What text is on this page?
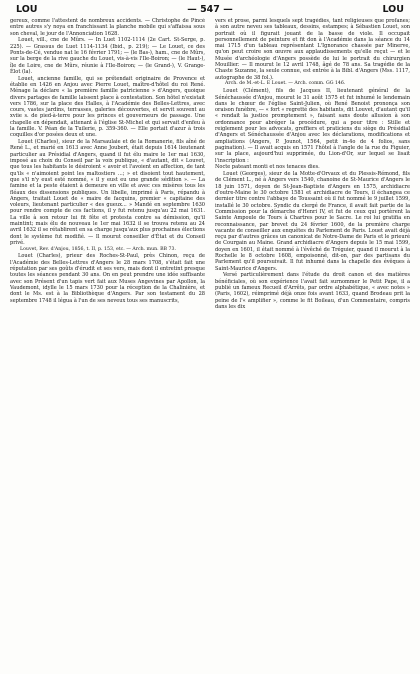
LOU	— 547 —	LOU

gereux, comme l'attestent de nombreux accidents. — Christophe de Pincé entre autres s'y noya en franchissant la planche mobile qui s'affaissa sous son cheval, le jour de l'Annonciation 1628.

Louet, vill., cne de Mûrs. — In Luet 1102-1114 (2e Cart. St-Serge, p. 225). — Grassus de Luet 1114-1134 (Ibid., p. 219); — Le Louet, ce des Ponts-de-Cé, vendue nat le 16 février 1791; — (le Bas-), ham., cne de Mûrs, sur la berge de la rive gauche du Louet, vis-à-vis l'Ile-Boiron; — (le Haut-), île de Loire, cne de Mûrs, réunie à l'Ile-Boiron; — (le Grand-), V. Grange-Élot (la).

Louet, ancienne famille, qui se prétendait originaire de Provence et établie en 1426 en Anjou avec Pierre Louet, maître-d'hôtel du roi René. Ménage la déclare « la première famille patricienne » d'Angers, quoique divers partages de famille laissent place à contestation. Son hôtel n'existait vers 1786, sur la place des Halles, à l'Académie des Belles-Lettres, avec cours, vastes jardins, terrasses, galeries découvertes, et servit souvent au xviie s. de pied-à-terre pour les princes et gouverneurs de passage. Une chapelle en dépendait, attenant à l'église St-Michel et qui servait d'enfeu à la famille. V. Péan de la Tuilerie, p. 359-360. — Elle portait d'azur à trois coquilles d'or posées deux et une.

Louet (Charles), sieur de la Marsaulaie et de la Romanerie, fils aîné de René L., et marié en 1613 avec Anne Joubert, était depuis 1614 lieutenant particulier au Présidial d'Angers, quand il fut élu maire le 1er mai 1630, imposé au choix du Conseil par la voix publique, « d'autant, dit « Louvet, que tous les habitants le désiroient « avoir et l'avoient en affection, de tant qu'ils « n'aimoient point les maltostiers ...; » et disoient tout hautement, que s'il n'y eust esté nommé, « il y eust eu une grande sédition ». — La famine et la peste étaient à demeure en ville et avec ces misères tous les fléaux des dissensions publiques. Un libelle, imprimé à Paris, répandu à Angers, traitait Louet de « maire de facquins, premier « capitaine des voleurs, lieutenant particulier « des gueux... » Mandé en septembre 1630 pour rendre compte de ces factions, il y fut retenu jusqu'au 22 mai 1631. La ville à son retour lui fit fête et protesta contre sa démission, qu'il maintint; mais élu de nouveau le 1er mai 1632 il se trouva retenu au 24 avril 1632 il se rétablirent en sa charge jusqu'aux plus prochaines élections dont le système fut modifié. — Il mourut conseiller d'État et du Conseil privé.

Louvet, Rev. d'Anjou, 1856, t. II, p. 153, etc. — Arch. mun. BB 73.

Louet (Charles), prieur des Roches-St-Paul, près Chinon, reçu de l'Académie des Belles-Lettres d'Angers le 28 mars 1708, s'était fait une réputation par ses goûts d'érudit et ses vers, mais dont il entretint presque toutes les séances pendant 30 ans. On en peut prendre une idée suffisante avec son Présent d'un tapis vert fait aux Muses Angevines par Apollon, la Vaudemont, idylle le 15 mars 1730 pour la réception de la Chalinière, et dont le Ms. est à la Bibliothèque d'Angers. Par son testament du 28 septembre 1748 il légua à l'un de ses neveux tous ses manuscrits,

vers et prose, parmi lesquels sept tragédies, tant religieuses que profanes; à son autre neveu ses tableaux, dessins, estampes; à Sébastien Louet, son portrait où il figurait jouant de la basse de viole. Il occupait personnellement de peinture et fit don à l'Académie dans la séance du 14 mai 1715 d'un tableau représentant L'Ignorance chassée par Minerve, qu'on peut croire son œuvre aux applaudissements qu'elle reçut — et le Musée d'archéologie d'Angers possède de lui le portrait du chirurgien Mouillier. — Il mourut le 12 avril 1748, âgé de 78 ans. Sa tragédie de la Chaste Suzanne, la seule connue, est entrée à la Bibl. d'Angers (Mss. 1117, autographe de 38 fol.).

Arch. de M.-et-L. E Louet. — Arch. comm. GG 146.

Louet (Clément), fils de Jacques II, lieutenant général de la Sénéchaussée d'Anjou, mourut le 31 août 1575 et fut inhumé le lendemain dans le chœur de l'église Saint-Julien, où René Benoist prononça son oraison funèbre, — « fort « regretté des habitants, dit Louvet, d'autant qu'il « rendait la justice promptement », faisant sans doute allusion à son ordonnance pour abréger la procédure, qui a pour titre : Stille et reiglement pour les advocats, greffiers et praticiens du siège du Présidial d'Angers et Sénéchaussée d'Anjou avec les déclarations, modifications et ampliations (Angers, P. Jounot, 1564, petit in-4o de 4 folios, sans pagination). — Il avait acquis en 1571 l'hôtel à l'angle de la rue du Figuier, sur la place, aujourd'hui supprimée, du Lion-d'Or, sur lequel se lisait l'inscription :

Nocte pateant monti et nos tenaces dies.

Louet (Georges), sieur de la Motte-d'Orvaux et du Plessis-Rémond, fils de Clément L., né à Angers vers 1540, chanoine de St-Maurice d'Angers le 18 juin 1571, doyen de St-Jean-Baptiste d'Angers en 1575, archidiacre d'outre-Maine le 30 octobre 1581 et archidiacre de Tours, il échangea ce dernier titre contre l'abbaye de Toussaint où il fut nommé le 9 juillet 1599, installé le 30 octobre. Syndic du clergé de France, il avait fait partie de la Commission pour la démarche d'Henri IV, et fut de ceux qui portèrent la Sainte Ampoule de Tours à Chartres pour le Sacre. Le roi lui gratifia en reconnaissance, par brevet du 24 février 1600, de la première charge vacante de conseiller aux enquêtes du Parlement de Paris. Louet avait déjà reçu par d'autres grâces un canonicat de Notre-Dame de Paris et le prieuré de Courgain au Maine. Grand archidiacre d'Angers depuis le 15 mai 1599, doyen en 1601, il était nommé à l'évêché de Tréguier, quand il mourut à la Rochelle le 8 octobre 1608, empoisonné, dit-on, par des partisans du Parlement qu'il poursuivait. Il fut inhumé dans la chapelle des évêques à Saint-Maurice d'Angers.

Versé particulièrement dans l'étude du droit canon et des matières bénéficiales, où son expérience l'avait fait surnommer le Petit Pape, il a publié un fameux Recueil d'Arrêts, par ordre alphabétique, « avec notes » (Paris, 1602), réimprimé déjà onze fois avant 1633, quand Brodeau prit la peine de l'« amplifier », comme le fit Boileau, d'un Commentaire, compris dans les dix
